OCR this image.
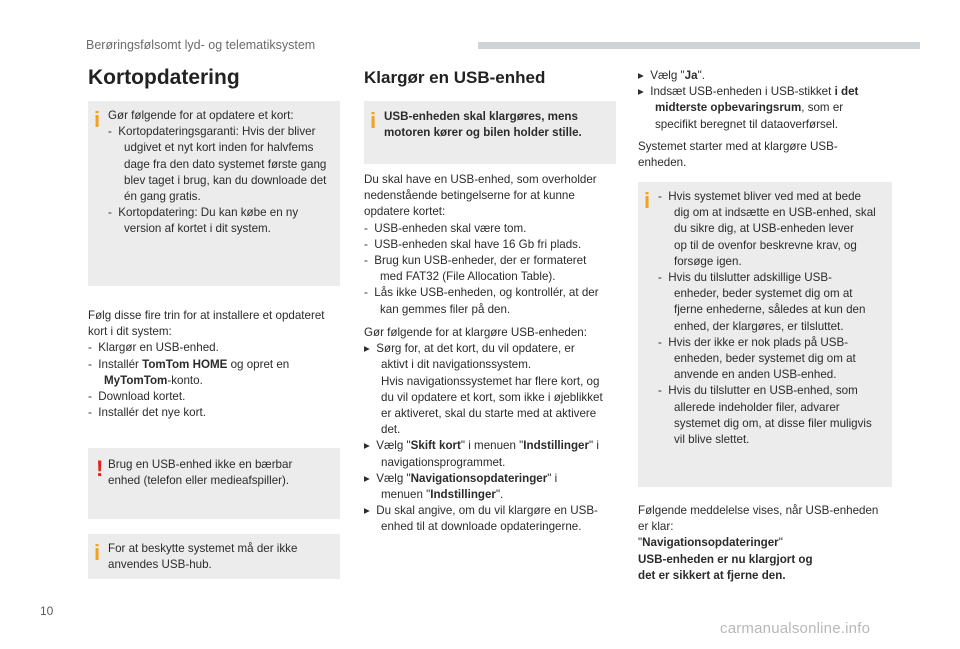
Berøringsfølsomt lyd- og telematiksystem
Kortopdatering
i Gør følgende for at opdatere et kort:
-  Kortopdateringsgaranti: Hvis der bliver
udgivet et nyt kort inden for halvfems
dage fra den dato systemet første gang
blev taget i brug, kan du downloade det
én gang gratis.
-  Kortopdatering: Du kan købe en ny
version af kortet i dit system.
Følg disse fire trin for at installere et opdateret
kort i dit system:
-  Klargør en USB-enhed.
-  Installér TomTom HOME og opret en
MyTomTom-konto.
-  Download kortet.
-  Installér det nye kort.
! Brug en USB-enhed ikke en bærbar
enhed (telefon eller medieafspiller).
i For at beskytte systemet må der ikke
anvendes USB-hub.
Klargør en USB-enhed
i USB-enheden skal klargøres, mens
motoren kører og bilen holder stille.
Du skal have en USB-enhed, som overholder
nedenstående betingelserne for at kunne
opdatere kortet:
-  USB-enheden skal være tom.
-  USB-enheden skal have 16 Gb fri plads.
-  Brug kun USB-enheder, der er formateret
med FAT32 (File Allocation Table).
-  Lås ikke USB-enheden, og kontrollér, at der
kan gemmes filer på den.
Gør følgende for at klargøre USB-enheden:
▸  Sørg for, at det kort, du vil opdatere, er
aktivt i dit navigationssystem.
Hvis navigationssystemet har flere kort, og
du vil opdatere et kort, som ikke i øjeblikket
er aktiveret, skal du starte med at aktivere
det.
▸  Vælg "Skift kort" i menuen "Indstillinger" i
navigationsprogrammet.
▸  Vælg "Navigationsopdateringer" i
menuen "Indstillinger".
▸  Du skal angive, om du vil klargøre en USB-
enhed til at downloade opdateringerne.
▸  Vælg "Ja".
▸  Indsæt USB-enheden i USB-stikket i det
midterste opbevaringsrum, som er
specifikt beregnet til dataoverførsel.
Systemet starter med at klargøre USB-
enheden.
i -  Hvis systemet bliver ved med at bede
dig om at indsætte en USB-enhed, skal
du sikre dig, at USB-enheden lever
op til de ovenfor beskrevne krav, og
forsøge igen.
-  Hvis du tilslutter adskillige USB-
enheder, beder systemet dig om at
fjerne enhederne, således at kun den
enhed, der klargøres, er tilsluttet.
-  Hvis der ikke er nok plads på USB-
enheden, beder systemet dig om at
anvende en anden USB-enhed.
-  Hvis du tilslutter en USB-enhed, som
allerede indeholder filer, advarer
systemet dig om, at disse filer muligvis
vil blive slettet.
Følgende meddelelse vises, når USB-enheden
er klar:
"Navigationsopdateringer"
USB-enheden er nu klargjort og
det er sikkert at fjerne den.
10
carmanualsonline.info
